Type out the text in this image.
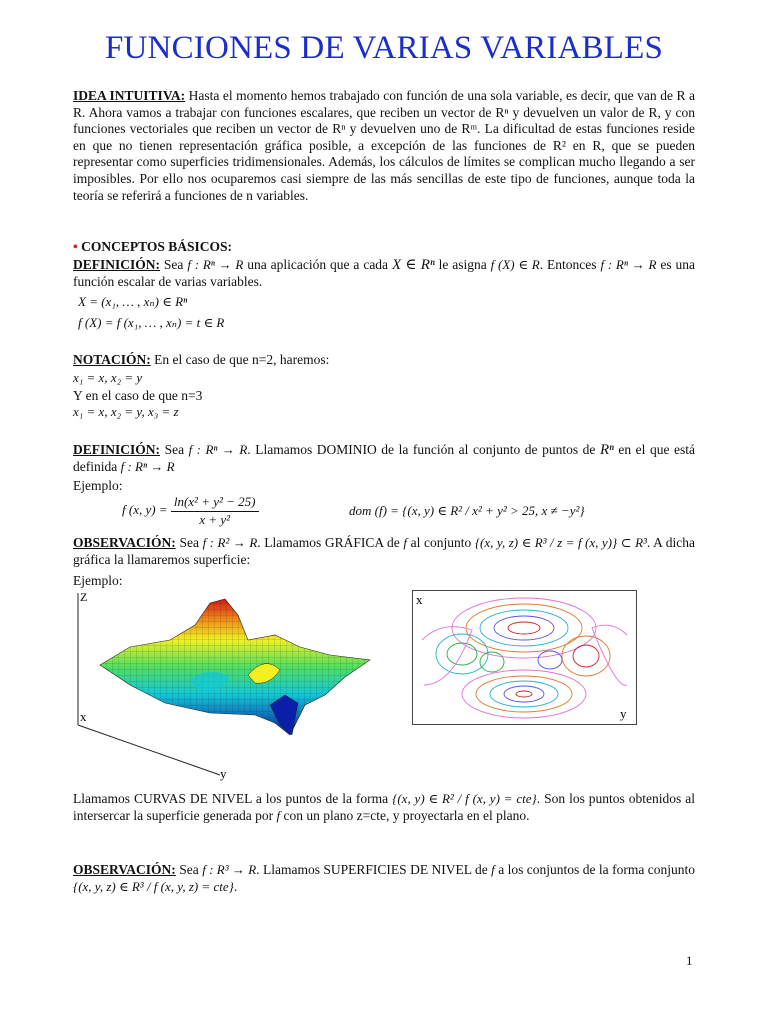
FUNCIONES DE VARIAS VARIABLES
IDEA INTUITIVA: Hasta el momento hemos trabajado con función de una sola variable, es decir, que van de R a R. Ahora vamos a trabajar con funciones escalares, que reciben un vector de Rⁿ y devuelven un valor de R, y con funciones vectoriales que reciben un vector de Rⁿ y devuelven uno de Rᵐ. La dificultad de estas funciones reside en que no tienen representación gráfica posible, a excepción de las funciones de R² en R, que se pueden representar como superficies tridimensionales. Además, los cálculos de límites se complican mucho llegando a ser imposibles. Por ello nos ocuparemos casi siempre de las más sencillas de este tipo de funciones, aunque toda la teoría se referirá a funciones de n variables.
• CONCEPTOS BÁSICOS:
DEFINICIÓN: Sea f : Rⁿ → R una aplicación que a cada X ∈ Rⁿ le asigna f (X) ∈ R. Entonces f : Rⁿ → R es una función escalar de varias variables.
X = (x₁, … , xₙ) ∈ Rⁿ
f (X) = f (x₁, … , xₙ) = t ∈ R
NOTACIÓN: En el caso de que n=2, haremos:
x₁ = x, x₂ = y
Y en el caso de que n=3
x₁ = x, x₂ = y, x₃ = z
DEFINICIÓN: Sea f : Rⁿ → R. Llamamos DOMINIO de la función al conjunto de puntos de Rⁿ en el que está definida f : Rⁿ → R
Ejemplo:
f (x, $y) = \frac{\text{ln(x² + y² − 25)}}{\text{x + y²}}$	dom (f) = {(x, y) ∈ R² / x² + y² > 25, x ≠ −y²}
OBSERVACIÓN: Sea f : R² → R. Llamamos GRÁFICA de f al conjunto {(x, y, z) ∈ R³ / z = f (x, y)} ⊂ R³. A dicha gráfica la llamaremos superficie:
Ejemplo:
Z
x
y
x
y
Llamamos CURVAS DE NIVEL a los puntos de la forma {(x, y) ∈ R² / f (x, y) = cte}. Son los puntos obtenidos al intersercar la superficie generada por f con un plano z=cte, y proyectarla en el plano.
OBSERVACIÓN: Sea f : R³ → R. Llamamos SUPERFICIES DE NIVEL de f a los conjuntos de la forma conjunto {(x, y, z) ∈ R³ / f (x, y, z) = cte}.
1
